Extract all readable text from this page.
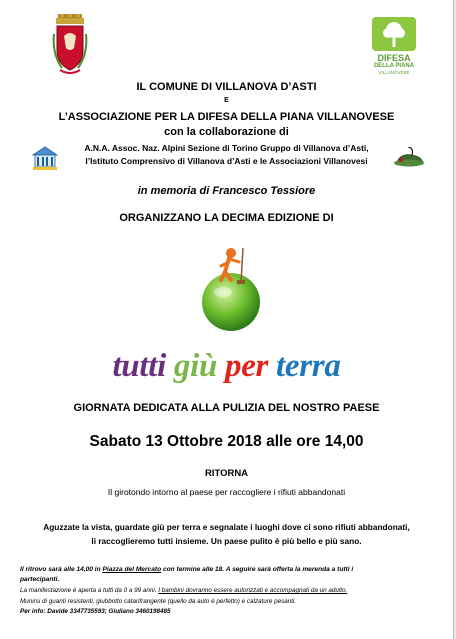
DIFESA
DELLA PIANA
VILLANOVESE
IL COMUNE DI VILLANOVA D’ASTI
E
L’ASSOCIAZIONE PER LA DIFESA DELLA PIANA VILLANOVESE
con la collaborazione di
A.N.A. Assoc. Naz. Alpini Sezione di Torino Gruppo di Villanova d’Asti,
l’Istituto Comprensivo di Villanova d’Asti e le Associazioni Villanovesi
in memoria di Francesco Tessiore
ORGANIZZANO LA DECIMA EDIZIONE DI
tutti giù per terra
GIORNATA DEDICATA ALLA PULIZIA DEL NOSTRO PAESE
Sabato 13 Ottobre 2018 alle ore 14,00
RITORNA
Il girotondo intorno al paese per raccogliere i rifiuti abbandonati
Aguzzate la vista, guardate giù per terra e segnalate i luoghi dove ci sono rifiuti abbandonati,
li raccoglieremo tutti insieme. Un paese pulito è più bello e più sano.
Il ritrovo sarà alle 14,00 in Piazza del Mercato con termine alle 18. A seguire sarà offerta la merenda a tutti i
partecipanti.
La manifestazione è aperta a tutti da 0 a 99 anni. I bambini dovranno essere autorizzati e accompagnati da un adulto.
Munirsi di guanti resistenti, giubbotto catarifrangente (quello da auto è perfetto) e calzature pesanti.
Per info: Davide 3347735593; Giuliano 3460198485
